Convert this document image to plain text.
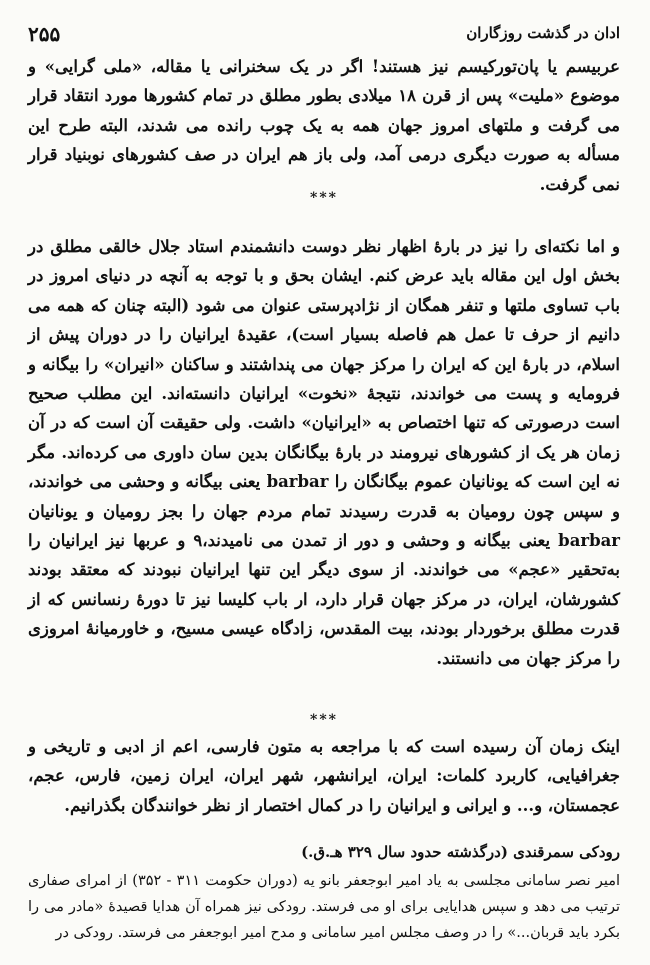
ادان در گذشت روزگاران
۲۵۵

عربیسم یا پان‌تورکیسم نیز هستند! اگر در یک سخنرانی یا مقاله، «ملی گرایی» و موضوع «ملیت» پس از قرن ۱۸ میلادی بطور مطلق در تمام کشورها مورد انتقاد قرار می گرفت و ملتهای امروز جهان همه به یک چوب رانده می شدند، البته طرح این مسأله به صورت دیگری درمی آمد، ولی باز هم ایران در صف کشورهای نوبنیاد قرار نمی گرفت.

***

و اما نکته‌ای را نیز در بارهٔ اظهار نظر دوست دانشمندم استاد جلال خالقی مطلق در بخش اول این مقاله باید عرض کنم. ایشان بحق و با توجه به آنچه در دنیای امروز در باب تساوی ملتها و تنفر همگان از نژادپرستی عنوان می شود (البته چنان که همه می دانیم از حرف تا عمل هم فاصله بسیار است)، عقیدهٔ ایرانیان را در دوران پیش از اسلام، در بارهٔ این که ایران را مرکز جهان می پنداشتند و ساکنان «انیران» را بیگانه و فرومایه و پست می خواندند، نتیجهٔ «نخوت» ایرانیان دانسته‌اند. این مطلب صحیح است درصورتی که تنها اختصاص به «ایرانیان» داشت. ولی حقیقت آن است که در آن زمان هر یک از کشورهای نیرومند در بارهٔ بیگانگان بدین سان داوری می کرده‌اند. مگر نه این است که یونانیان عموم بیگانگان را barbar یعنی بیگانه و وحشی می خواندند، و سپس چون رومیان به قدرت رسیدند تمام مردم جهان را بجز رومیان و یونانیان barbar یعنی بیگانه و وحشی و دور از تمدن می نامیدند،۹ و عربها نیز ایرانیان را به‌تحقیر «عجم» می خواندند. از سوی دیگر این تنها ایرانیان نبودند که معتقد بودند کشورشان، ایران، در مرکز جهان قرار دارد، ار باب کلیسا نیز تا دورهٔ رنسانس که از قدرت مطلق برخوردار بودند، بیت المقدس، زادگاه عیسی مسیح، و خاورمیانهٔ امروزی را مرکز جهان می دانستند.

***

اینک زمان آن رسیده است که با مراجعه به متون فارسی، اعم از ادبی و تاریخی و جغرافیایی، کاربرد کلمات: ایران، ایرانشهر، شهر ایران، ایران زمین، فارس، عجم، عجمستان، و... و ایرانی و ایرانیان را در کمال اختصار از نظر خوانندگان بگذرانیم.

رودکی سمرقندی (درگذشته حدود سال ۳۲۹ هـ.ق.)

امیر نصر سامانی مجلسی به یاد امیر ابوجعفر بانو یه (دوران حکومت ۳۱۱ - ۳۵۲) از امرای صفاری ترتیب می دهد و سپس هدایایی برای او می فرستد. رودکی نیز همراه آن هدایا قصیدهٔ «مادر می را بکرد باید قربان...» را در وصف مجلس امیر سامانی و مدح امیر ابوجعفر می فرستد. رودکی در
